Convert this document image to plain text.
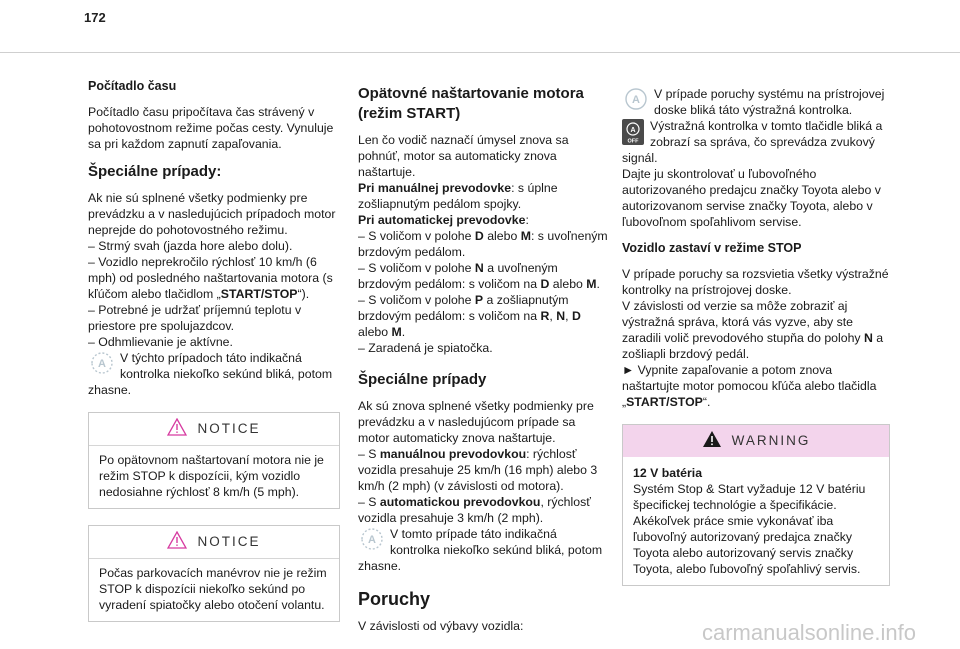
172
Počítadlo času

Počítadlo času pripočítava čas strávený v pohotovostnom režime počas cesty. Vynuluje sa pri každom zapnutí zapaľovania.

Špeciálne prípady:

Ak nie sú splnené všetky podmienky pre prevádzku a v nasledujúcich prípadoch motor neprejde do pohotovostného režimu.

– Strmý svah (jazda hore alebo dolu).
– Vozidlo neprekročilo rýchlosť 10 km/h (6 mph) od posledného naštartovania motora (s kľúčom alebo tlačidlom „START/STOP“).
– Potrebné je udržať príjemnú teplotu v priestore pre spolujazdcov.
– Odhmlievanie je aktívne.
A V týchto prípadoch táto indikačná kontrolka niekoľko sekúnd bliká, potom zhasne.
NOTICE

Po opätovnom naštartovaní motora nie je režim STOP k dispozícii, kým vozidlo nedosiahne rýchlosť 8 km/h (5 mph).

NOTICE

Počas parkovacích manévrov nie je režim STOP k dispozícii niekoľko sekúnd po vyradení spiatočky alebo otočení volantu.

Opätovné naštartovanie motora (režim START)

Len čo vodič naznačí úmysel znova sa pohnúť, motor sa automaticky znova naštartuje.

Pri manuálnej prevodovke: s úplne zošliapnutým pedálom spojky.
Pri automatickej prevodovke:
– S voličom v polohe D alebo M: s uvoľneným brzdovým pedálom.
– S voličom v polohe N a uvoľneným brzdovým pedálom: s voličom na D alebo M.
– S voličom v polohe P a zošliapnutým brzdovým pedálom: s voličom na R, N, D alebo M.
– Zaradená je spiatočka.
Špeciálne prípady

Ak sú znova splnené všetky podmienky pre prevádzku a v nasledujúcom prípade sa motor automaticky znova naštartuje.

– S manuálnou prevodovkou: rýchlosť vozidla presahuje 25 km/h (16 mph) alebo 3 km/h (2 mph) (v závislosti od motora).
– S automatickou prevodovkou, rýchlosť vozidla presahuje 3 km/h (2 mph).
A V tomto prípade táto indikačná kontrolka niekoľko sekúnd bliká, potom zhasne.
Poruchy

V závislosti od výbavy vozidla:

A V prípade poruchy systému na prístrojovej doske bliká táto výstražná kontrolka.
A
OFF
Výstražná kontrolka v tomto tlačidle bliká a zobrazí sa správa, čo sprevádza zvukový signál.

Dajte ju skontrolovať u ľubovoľného autorizovaného predajcu značky Toyota alebo v autorizovanom servise značky Toyota, alebo v ľubovoľnom spoľahlivom servise.

Vozidlo zastaví v režime STOP

V prípade poruchy sa rozsvietia všetky výstražné kontrolky na prístrojovej doske.

V závislosti od verzie sa môže zobraziť aj výstražná správa, ktorá vás vyzve, aby ste zaradili volič prevodového stupňa do polohy N a zošliapli brzdový pedál.
► Vypnite zapaľovanie a potom znova naštartujte motor pomocou kľúča alebo tlačidla „START/STOP“.
WARNING

12 V batéria

Systém Stop & Start vyžaduje 12 V batériu špecifickej technológie a špecifikácie. Akékoľvek práce smie vykonávať iba ľubovoľný autorizovaný predajca značky Toyota alebo autorizovaný servis značky Toyota, alebo ľubovoľný spoľahlivý servis.

carmanualsonline.info
